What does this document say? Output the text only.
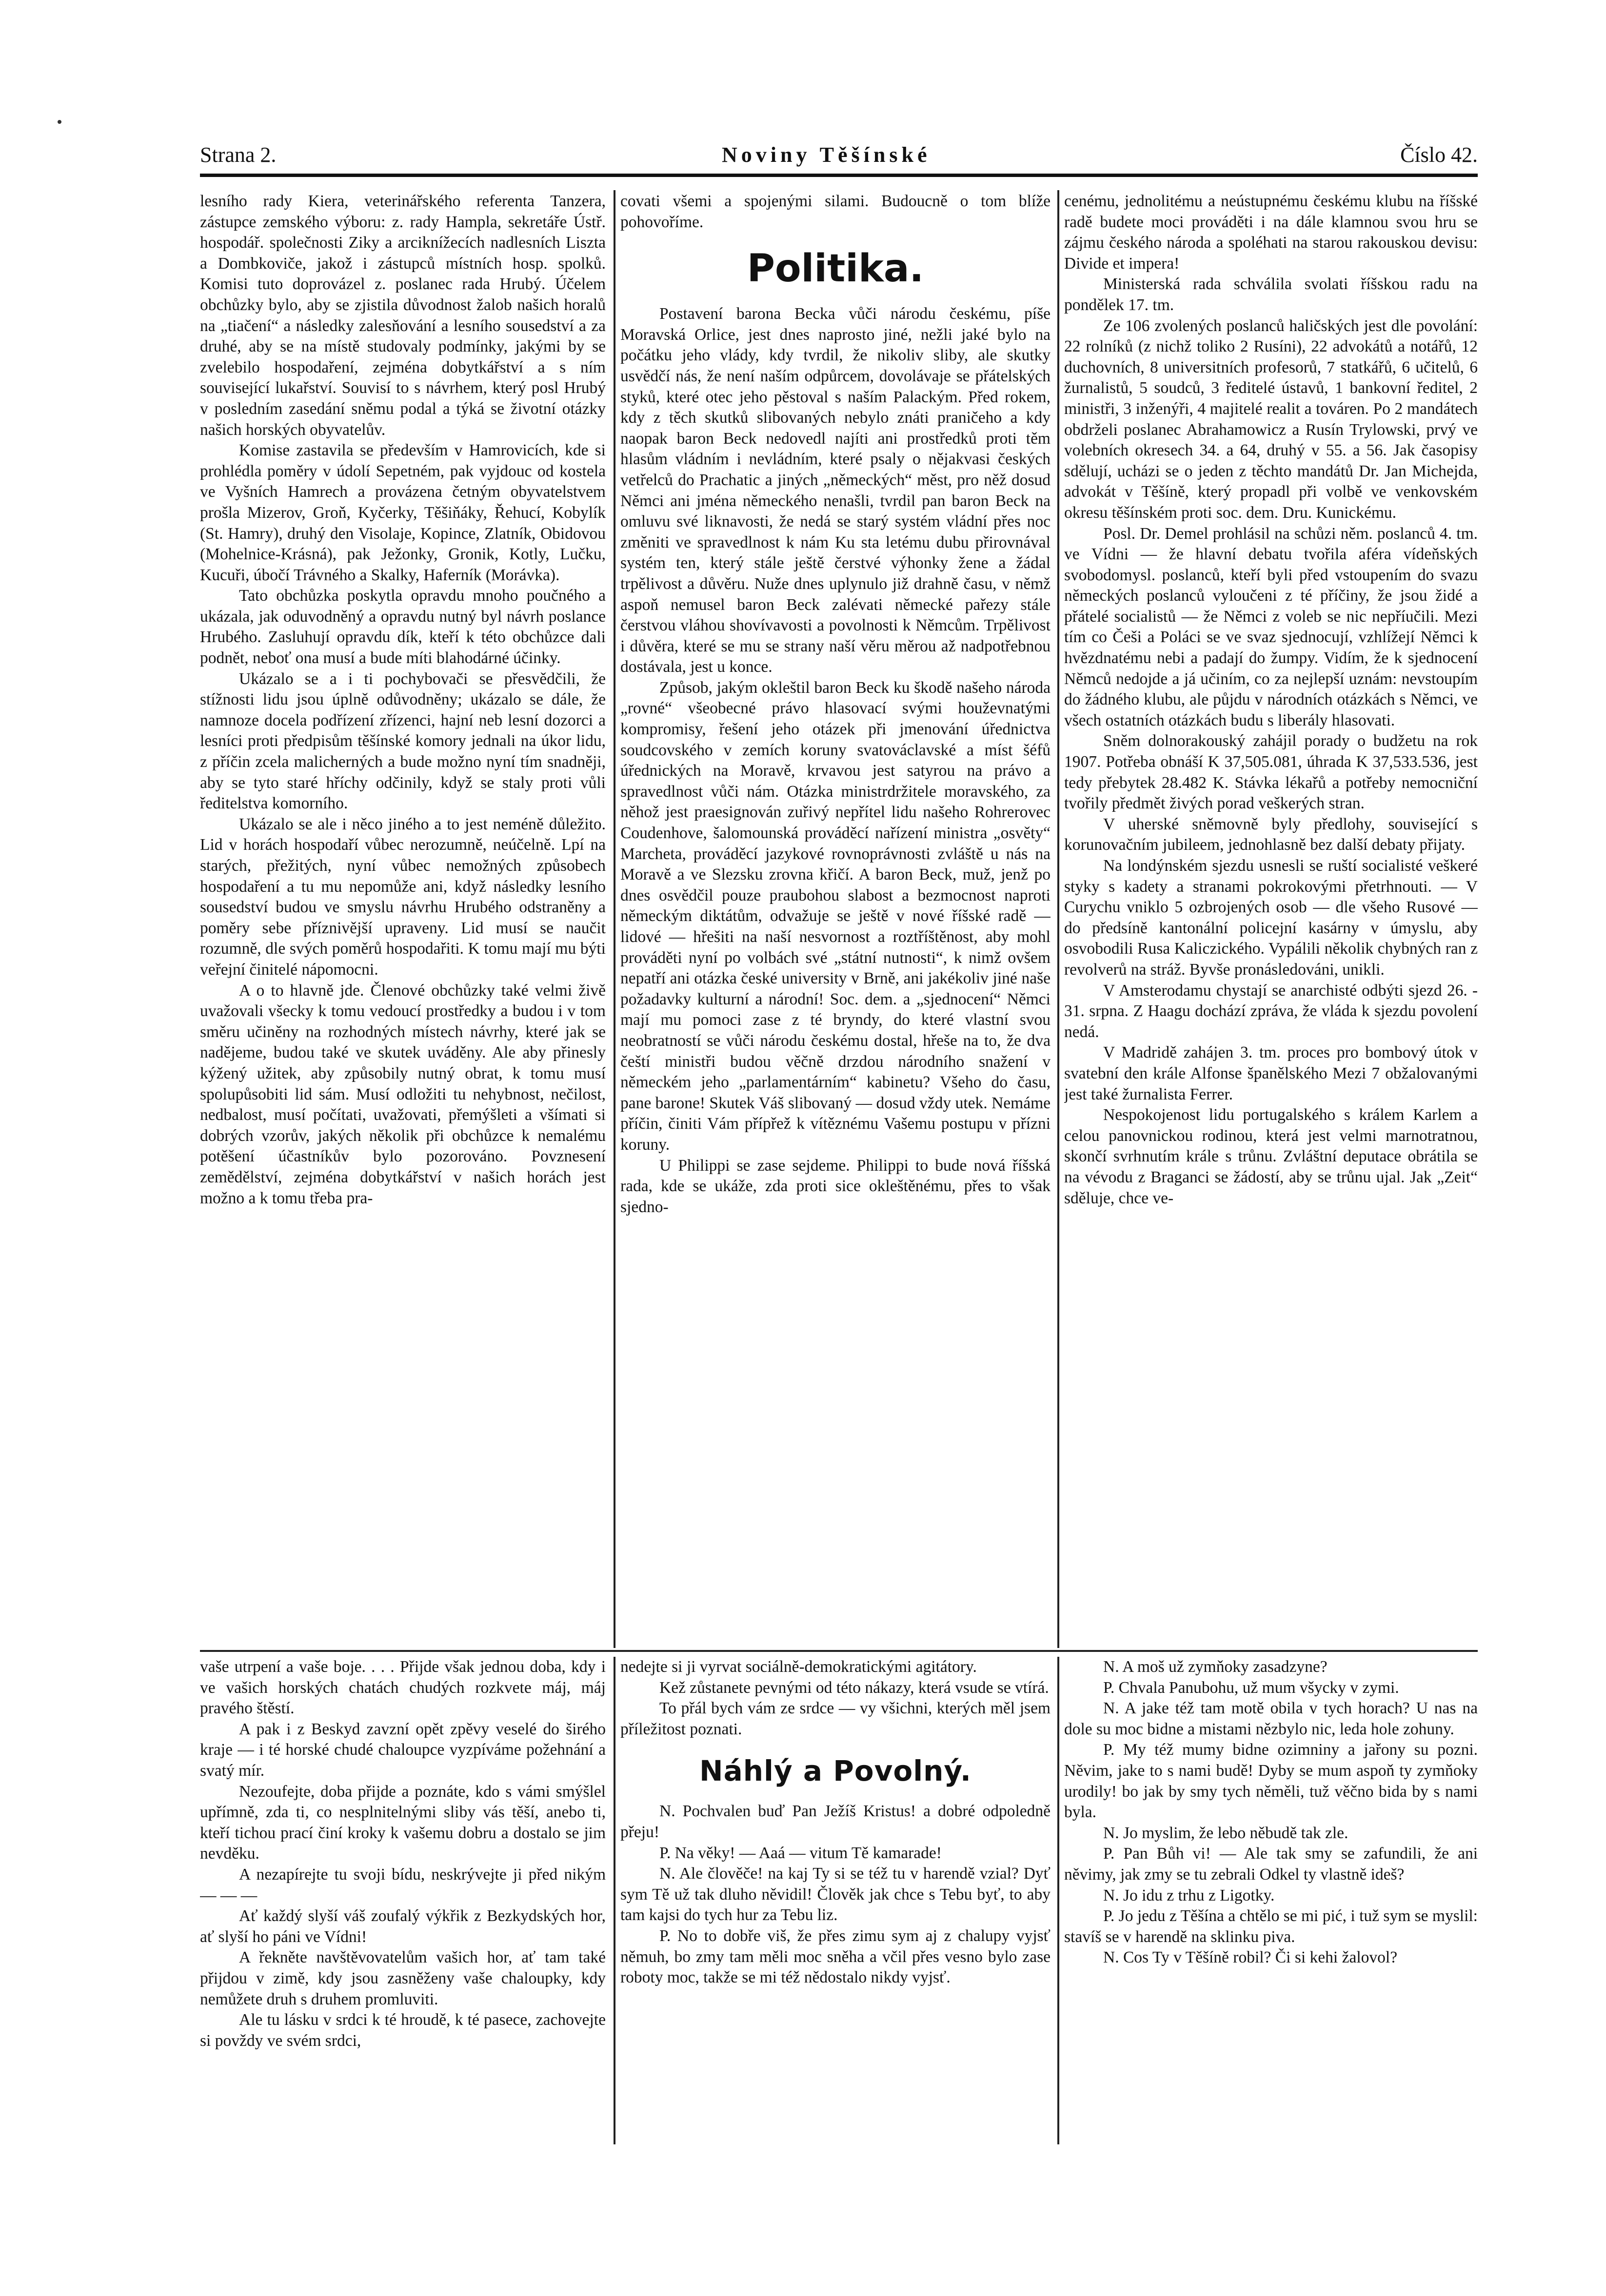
Strana 2.	Noviny Těšínské	Číslo 42.

lesního rady Kiera, veterinářského referenta Tanzera, zástupce zemského výboru: z. rady Hampla, sekretáře Ústř. hospodář. společnosti Ziky a arciknížecích nadlesních Liszta a Dombkoviče, jakož i zástupců místních hosp. spolků. Komisi tuto doprovázel z. poslanec rada Hrubý. Účelem obchůzky bylo, aby se zjistila důvodnost žalob našich horalů na „tiačení“ a následky zalesňování a lesního sousedství a za druhé, aby se na místě studovaly podmínky, jakými by se zvelebilo hospodaření, zejména dobytkářství a s ním související lukařství. Souvisí to s návrhem, který posl Hrubý v posledním zasedání sněmu podal a týká se životní otázky našich horských obyvatelův.

Komise zastavila se především v Hamrovicích, kde si prohlédla poměry v údolí Sepetném, pak vyjdouc od kostela ve Vyšních Hamrech a provázena četným obyvatelstvem prošla Mizerov, Groň, Kyčerky, Těšiňáky, Řehucí, Kobylík (St. Hamry), druhý den Visolaje, Kopince, Zlatník, Obidovou (Mohelnice-Krásná), pak Ježonky, Gronik, Kotly, Lučku, Kucuři, úbočí Trávného a Skalky, Haferník (Morávka).

Tato obchůzka poskytla opravdu mnoho poučného a ukázala, jak oduvodněný a opravdu nutný byl návrh poslance Hrubého. Zasluhují opravdu dík, kteří k této obchůzce dali podnět, neboť ona musí a bude míti blahodárné účinky.

Ukázalo se a i ti pochybovači se přesvědčili, že stížnosti lidu jsou úplně odůvodněny; ukázalo se dále, že namnoze docela podřízení zřízenci, hajní neb lesní dozorci a lesníci proti předpisům těšínské komory jednali na úkor lidu, z příčin zcela malicherných a bude možno nyní tím snadněji, aby se tyto staré hříchy odčinily, když se staly proti vůli ředitelstva komorního.

Ukázalo se ale i něco jiného a to jest neméně důležito. Lid v horách hospodaří vůbec nerozumně, neúčelně. Lpí na starých, přežitých, nyní vůbec nemožných způsobech hospodaření a tu mu nepomůže ani, když následky lesního sousedství budou ve smyslu návrhu Hrubého odstraněny a poměry sebe příznivější upraveny. Lid musí se naučit rozumně, dle svých poměrů hospodařiti. K tomu mají mu býti veřejní činitelé nápomocni.

A o to hlavně jde. Členové obchůzky také velmi živě uvažovali všecky k tomu vedoucí prostředky a budou i v tom směru učiněny na rozhodných místech návrhy, které jak se nadějeme, budou také ve skutek uváděny. Ale aby přinesly kýžený užitek, aby způsobily nutný obrat, k tomu musí spolupůsobiti lid sám. Musí odložiti tu nehybnost, nečilost, nedbalost, musí počítati, uvažovati, přemýšleti a všímati si dobrých vzorův, jakých několik při obchůzce k nemalému potěšení účastníkův bylo pozorováno. Povznesení zemědělství, zejména dobytkářství v našich horách jest možno a k tomu třeba pra-

covati všemi a spojenými silami. Budoucně o tom blíže pohovoříme.

Politika.

Postavení barona Becka vůči národu českému, píše Moravská Orlice, jest dnes naprosto jiné, nežli jaké bylo na počátku jeho vlády, kdy tvrdil, že nikoliv sliby, ale skutky usvědčí nás, že není naším odpůrcem, dovolávaje se přátelských styků, které otec jeho pěstoval s naším Palackým. Před rokem, kdy z těch skutků slibovaných nebylo znáti praničeho a kdy naopak baron Beck nedovedl najíti ani prostředků proti těm hlasům vládním i nevládním, které psaly o nějakvasi českých vetřelců do Prachatic a jiných „německých“ měst, pro něž dosud Němci ani jména německého nenašli, tvrdil pan baron Beck na omluvu své liknavosti, že nedá se starý systém vládní přes noc změniti ve spravedlnost k nám Ku sta letému dubu přirovnával systém ten, který stále ještě čerstvé výhonky žene a žádal trpělivost a důvěru. Nuže dnes uplynulo již drahně času, v němž aspoň nemusel baron Beck zalévati německé pařezy stále čerstvou vláhou shovívavosti a povolnosti k Němcům. Trpělivost i důvěra, které se mu se strany naší věru měrou až nadpotřebnou dostávala, jest u konce.

Způsob, jakým okleštil baron Beck ku škodě našeho národa „rovné“ všeobecné právo hlasovací svými houževnatými kompromisy, řešení jeho otázek při jmenování úřednictva soudcovského v zemích koruny svatováclavské a míst šéfů úřednických na Moravě, krvavou jest satyrou na právo a spravedlnost vůči nám. Otázka ministrdržitele moravského, za něhož jest praesignován zuřivý nepřítel lidu našeho Rohrerovec Coudenhove, šalomounská prováděcí nařízení ministra „osvěty“ Marcheta, prováděcí jazykové rovnoprávnosti zvláště u nás na Moravě a ve Slezsku zrovna křičí. A baron Beck, muž, jenž po dnes osvědčil pouze praubohou slabost a bezmocnost naproti německým diktátům, odvažuje se ještě v nové říšské radě — lidové — hřešiti na naší nesvornost a roztříštěnost, aby mohl prováděti nyní po volbách své „státní nutnosti“, k nimž ovšem nepatří ani otázka české university v Brně, ani jakékoliv jiné naše požadavky kulturní a národní! Soc. dem. a „sjednocení“ Němci mají mu pomoci zase z té bryndy, do které vlastní svou neobratností se vůči národu českému dostal, hřeše na to, že dva čeští ministři budou věčně drzdou národního snažení v německém jeho „parlamentárním“ kabinetu? Všeho do času, pane barone! Skutek Váš slibovaný — dosud vždy utek. Nemáme příčin, činiti Vám přípřež k vítěznému Vašemu postupu v přízni koruny.

U Philippi se zase sejdeme. Philippi to bude nová říšská rada, kde se ukáže, zda proti sice okleštěnému, přes to však sjedno-

cenému, jednolitému a neústupnému českému klubu na říšské radě budete moci prováděti i na dále klamnou svou hru se zájmu českého národa a spoléhati na starou rakouskou devisu: Divide et impera!

Ministerská rada schválila svolati říšskou radu na pondělek 17. tm.

Ze 106 zvolených poslanců haličských jest dle povolání: 22 rolníků (z nichž toliko 2 Rusíni), 22 advokátů a notářů, 12 duchovních, 8 universitních profesorů, 7 statkářů, 6 učitelů, 6 žurnalistů, 5 soudců, 3 ředitelé ústavů, 1 bankovní ředitel, 2 ministři, 3 inženýři, 4 majitelé realit a továren. Po 2 mandátech obdrželi poslanec Abrahamowicz a Rusín Trylowski, prvý ve volebních okresech 34. a 64, druhý v 55. a 56. Jak časopisy sdělují, ucházi se o jeden z těchto mandátů Dr. Jan Michejda, advokát v Těšíně, který propadl při volbě ve venkovském okresu těšínském proti soc. dem. Dru. Kunickému.

Posl. Dr. Demel prohlásil na schůzi něm. poslanců 4. tm. ve Vídni — že hlavní debatu tvořila aféra vídeňských svobodomysl. poslanců, kteří byli před vstoupením do svazu německých poslanců vyloučeni z té příčiny, že jsou židé a přátelé socialistů — že Němci z voleb se nic nepříučili. Mezi tím co Češi a Poláci se ve svaz sjednocují, vzhlížejí Němci k hvězdnatému nebi a padají do žumpy. Vidím, že k sjednocení Němců nedojde a já učiním, co za nejlepší uznám: nevstoupím do žádného klubu, ale půjdu v národních otázkách s Němci, ve všech ostatních otázkách budu s liberály hlasovati.

Sněm dolnorakouský zahájil porady o budžetu na rok 1907. Potřeba obnáší K 37,505.081, úhrada K 37,533.536, jest tedy přebytek 28.482 K. Stávka lékařů a potřeby nemocniční tvořily předmět živých porad veškerých stran.

V uherské sněmovně byly předlohy, související s korunovačním jubileem, jednohlasně bez další debaty přijaty.

Na londýnském sjezdu usnesli se ruští socialisté veškeré styky s kadety a stranami pokrokovými přetrhnouti. — V Curychu vniklo 5 ozbrojených osob — dle všeho Rusové — do předsíně kantonální policejní kasárny v úmyslu, aby osvobodili Rusa Kaliczického. Vypálili několik chybných ran z revolverů na stráž. Byvše pronásledováni, unikli.

V Amsterodamu chystají se anarchisté odbýti sjezd 26. - 31. srpna. Z Haagu dochází zpráva, že vláda k sjezdu povolení nedá.

V Madridě zahájen 3. tm. proces pro bombový útok v svatební den krále Alfonse španělského Mezi 7 obžalovanými jest také žurnalista Ferrer.

Nespokojenost lidu portugalského s králem Karlem a celou panovnickou rodinou, která jest velmi marnotratnou, skončí svrhnutím krále s trůnu. Zvláštní deputace obrátila se na vévodu z Braganci se žádostí, aby se trůnu ujal. Jak „Zeit“ sděluje, chce ve-

vaše utrpení a vaše boje. . . . Přijde však jednou doba, kdy i ve vašich horských chatách chudých rozkvete máj, máj pravého štěstí.

A pak i z Beskyd zavzní opět zpěvy veselé do širého kraje — i té horské chudé chaloupce vyzpíváme požehnání a svatý mír.

Nezoufejte, doba přijde a poznáte, kdo s vámi smýšlel upřímně, zda ti, co nesplnitelnými sliby vás těší, anebo ti, kteří tichou prací činí kroky k vašemu dobru a dostalo se jim nevděku.

A nezapírejte tu svoji bídu, neskrývejte ji před nikým — — —

Ať každý slyší váš zoufalý výkřik z Bezkydských hor, ať slyší ho páni ve Vídni!

A řekněte navštěvovatelům vašich hor, ať tam také přijdou v zimě, kdy jsou zasněženy vaše chaloupky, kdy nemůžete druh s druhem promluviti.

Ale tu lásku v srdci k té hroudě, k té pasece, zachovejte si povždy ve svém srdci,

nedejte si ji vyrvat sociálně-demokratickými agitátory.

Kež zůstanete pevnými od této nákazy, která vsude se vtírá.

To přál bych vám ze srdce — vy všichni, kterých měl jsem příležitost poznati.

Náhlý a Povolný.

N. Pochvalen buď Pan Ježíš Kristus! a dobré odpoledně přeju!

P. Na věky! — Aaá — vitum Tě kamarade!

N. Ale člověče! na kaj Ty si se též tu v harendě vzial? Dyť sym Tě už tak dluho něvidil! Člověk jak chce s Tebu byť, to aby tam kajsi do tych hur za Tebu liz.

P. No to dobře viš, že přes zimu sym aj z chalupy vyjsť němuh, bo zmy tam měli moc sněha a včil přes vesno bylo zase roboty moc, takže se mi též nědostalo nikdy vyjsť.

N. A moš už zymňoky zasadzyne?

P. Chvala Panubohu, už mum všycky v zymi.

N. A jake též tam motě obila v tych horach? U nas na dole su moc bidne a mistami nězbylo nic, leda hole zohuny.

P. My též mumy bidne ozimniny a jařony su pozni. Něvim, jake to s nami budě! Dyby se mum aspoň ty zymňoky urodily! bo jak by smy tych něměli, tuž věčno bida by s nami byla.

N. Jo myslim, že lebo něbudě tak zle.

P. Pan Bůh vi! — Ale tak smy se zafundili, že ani něvimy, jak zmy se tu zebrali Odkel ty vlastně ideš?

N. Jo idu z trhu z Ligotky.

P. Jo jedu z Těšína a chtělo se mi pić, i tuž sym se myslil: stavíš se v harendě na sklinku piva.

N. Cos Ty v Těšíně robil? Či si kehi žalovol?
